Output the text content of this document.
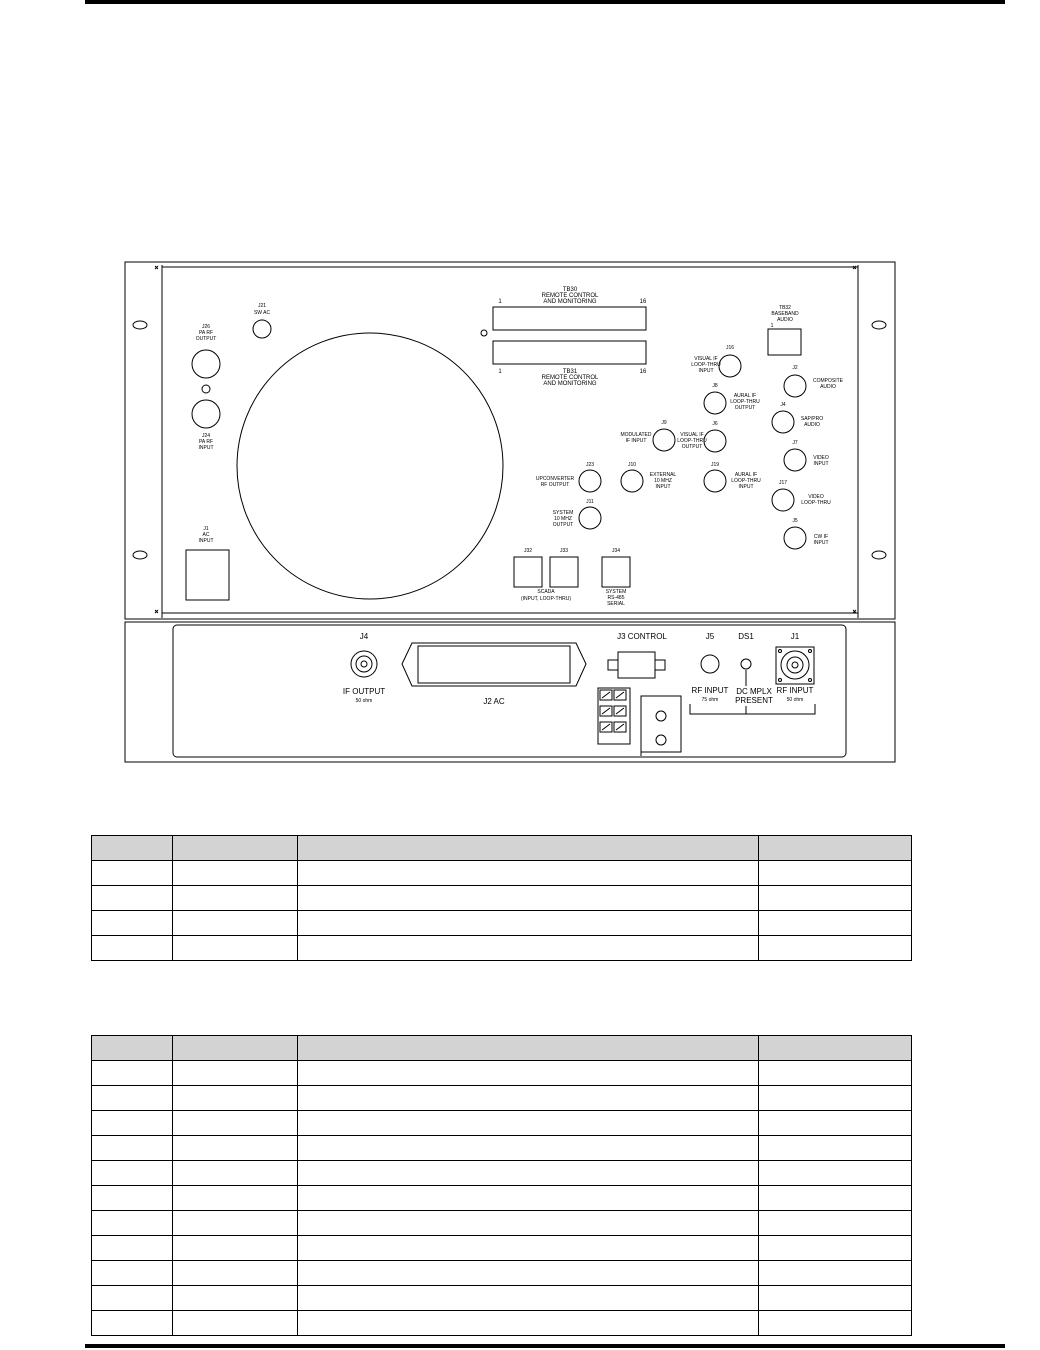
TB30
REMOTE CONTROL
AND MONITORING
1	16
TB31
REMOTE CONTROL
AND MONITORING
1	16
TB32
BASEBAND
AUDIO
1
J21
SW AC
J26
PA RF
OUTPUT
J24
PA RF
INPUT
J1
AC
INPUT
J16
VISUAL IF
LOOP-THRU
INPUT
J8
AURAL IF
LOOP-THRU
OUTPUT
J6
VISUAL IF
LOOP-THRU
OUTPUT
J9
MODULATED
IF INPUT
J23
UPCONVERTER
RF OUTPUT
J10
EXTERNAL
10 MHZ
INPUT
J19
AURAL IF
LOOP-THRU
INPUT
J11
SYSTEM
10 MHZ
OUTPUT
J2
COMPOSITE
AUDIO
J4
SAP/PRO
AUDIO
J7
VIDEO
INPUT
J17
VIDEO
LOOP-THRU
J5
CW IF
INPUT
J32	J33	J34
SCADA
(INPUT, LOOP-THRU)
SYSTEM
RS-485
SERIAL
J4
IF OUTPUT
50 ohm	J2 AC
J3 CONTROL	J5
RF INPUT
75 ohm
DS1
DC MPLX
PRESENT
J1
RF INPUT
50 ohm
